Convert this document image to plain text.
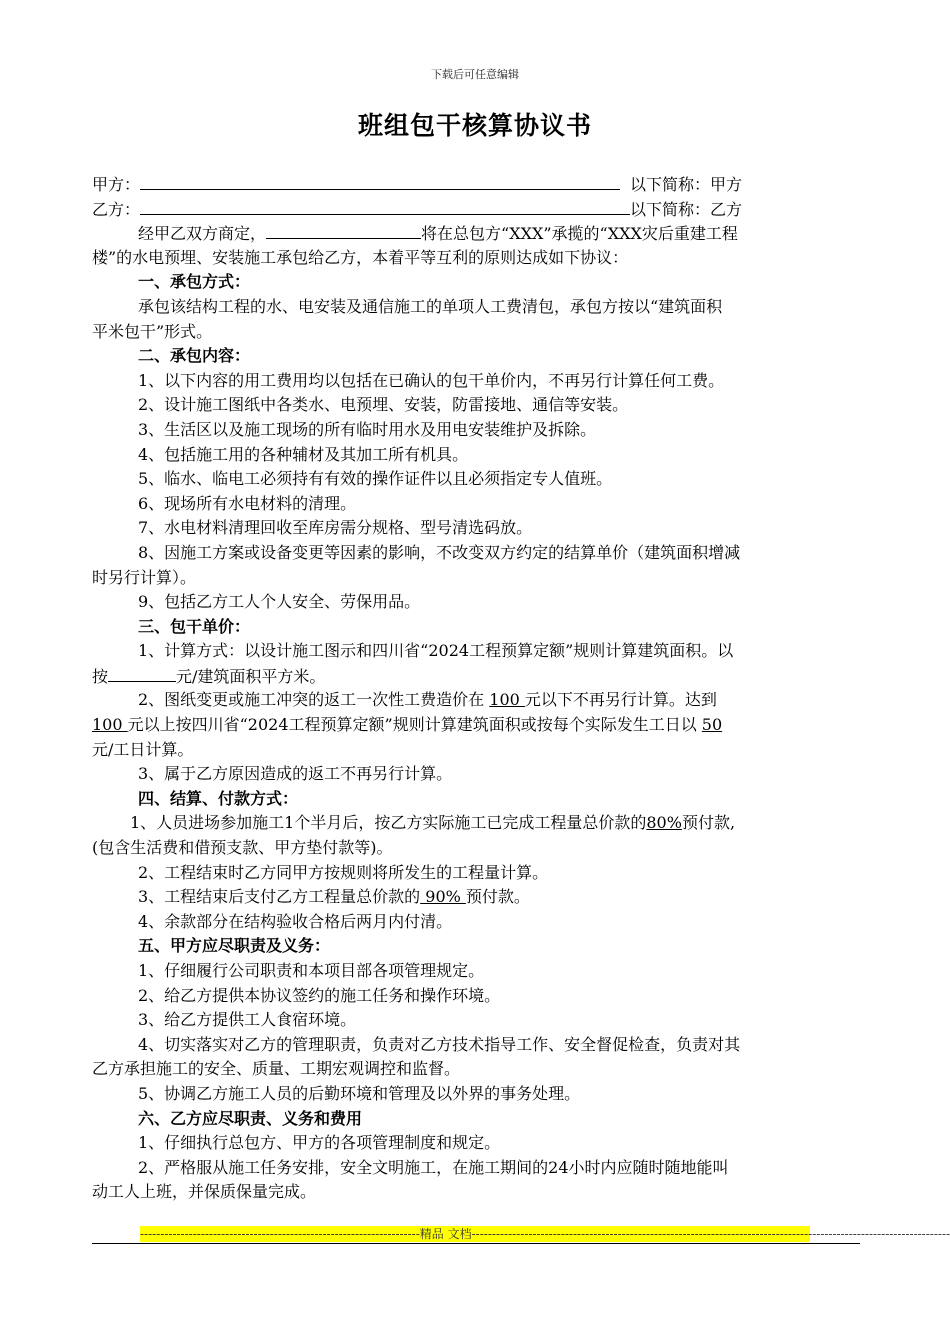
下载后可任意编辑
班组包干核算协议书
甲方：	以下简称：甲方
乙方：	以下简称：乙方
经甲乙双方商定，	将在总包方“XXX”承揽的“XXX灾后重建工程
楼”的水电预埋、安装施工承包给乙方，本着平等互利的原则达成如下协议：
一、承包方式：
承包该结构工程的水、电安装及通信施工的单项人工费清包，承包方按以“建筑面积
平米包干”形式。
二、承包内容：
1、以下内容的用工费用均以包括在已确认的包干单价内，不再另行计算任何工费。
2、设计施工图纸中各类水、电预埋、安装，防雷接地、通信等安装。
3、生活区以及施工现场的所有临时用水及用电安装维护及拆除。
4、包括施工用的各种辅材及其加工所有机具。
5、临水、临电工必须持有有效的操作证件以且必须指定专人值班。
6、现场所有水电材料的清理。
7、水电材料清理回收至库房需分规格、型号清选码放。
8、因施工方案或设备变更等因素的影响，不改变双方约定的结算单价（建筑面积增减
时另行计算）。
9、包括乙方工人个人安全、劳保用品。
三、包干单价：
1、计算方式：以设计施工图示和四川省“2024工程预算定额”规则计算建筑面积。以
按	元/建筑面积平方米。
2、图纸变更或施工冲突的返工一次性工费造价在 100 元以下不再另行计算。达到
100 元以上按四川省“2024工程预算定额”规则计算建筑面积或按每个实际发生工日以 50
元/工日计算。
3、属于乙方原因造成的返工不再另行计算。
四、结算、付款方式：
1、人员进场参加施工1个半月后，按乙方实际施工已完成工程量总价款的80%预付款,
(包含生活费和借预支款、甲方垫付款等)。
2、工程结束时乙方同甲方按规则将所发生的工程量计算。
3、工程结束后支付乙方工程量总价款的 90% 预付款。
4、余款部分在结构验收合格后两月内付清。
五、甲方应尽职责及义务：
1、仔细履行公司职责和本项目部各项管理规定。
2、给乙方提供本协议签约的施工任务和操作环境。
3、给乙方提供工人食宿环境。
4、切实落实对乙方的管理职责，负责对乙方技术指导工作、安全督促检查，负责对其
乙方承担施工的安全、质量、工期宏观调控和监督。
5、协调乙方施工人员的后勤环境和管理及以外界的事务处理。
六、乙方应尽职责、义务和费用
1、仔细执行总包方、甲方的各项管理制度和规定。
2、严格服从施工任务安排，安全文明施工，在施工期间的24小时内应随时随地能叫
动工人上班，并保质保量完成。
---------------------------------------------------------------------精品 文档----------------------------------------------------------------------------------------------------------------------
